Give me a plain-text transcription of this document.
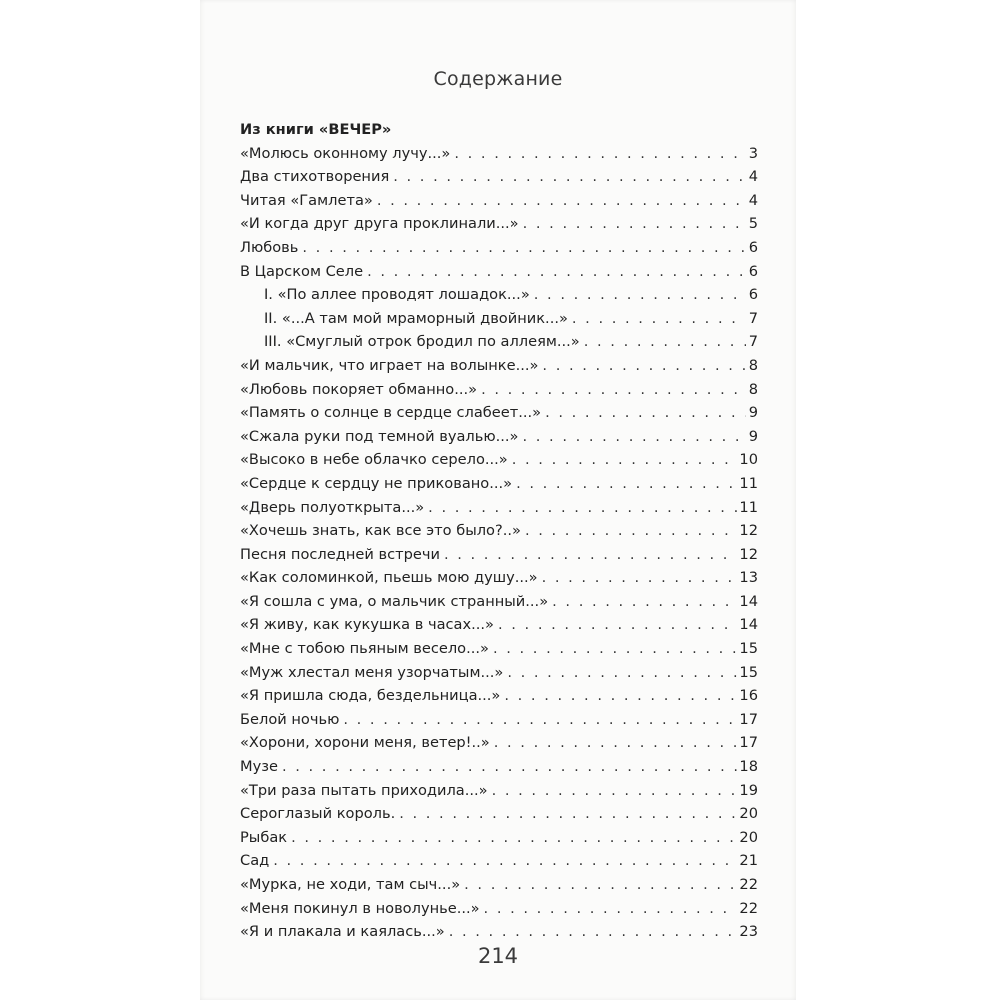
Содержание
Из книги «ВЕЧЕР»
«Молюсь оконному лучу...» . . .	3
Два стихотворения . . .	4
Читая «Гамлета» . . .	4
«И когда друг друга проклинали...» . . .	5
Любовь . . .	6
В Царском Селе . . .	6
I. «По аллее проводят лошадок...» . . .	6
II. «...А там мой мраморный двойник...» . . .	7
III. «Смуглый отрок бродил по аллеям...» . . .	7
«И мальчик, что играет на волынке...» . . .	8
«Любовь покоряет обманно...» . . .	8
«Память о солнце в сердце слабеет...» . . .	9
«Сжала руки под темной вуалью...» . . .	9
«Высоко в небе облачко серело...» . . .	10
«Сердце к сердцу не приковано...» . . .	11
«Дверь полуоткрыта...» . . .	11
«Хочешь знать, как все это было?..» . . .	12
Песня последней встречи . . .	12
«Как соломинкой, пьешь мою душу...» . . .	13
«Я сошла с ума, о мальчик странный...» . . .	14
«Я живу, как кукушка в часах...» . . .	14
«Мне с тобою пьяным весело...» . . .	15
«Муж хлестал меня узорчатым...» . . .	15
«Я пришла сюда, бездельница...» . . .	16
Белой ночью . . .	17
«Хорони, хорони меня, ветер!..» . . .	17
Музе . . .	18
«Три раза пытать приходила...» . . .	19
Сероглазый король. . . .	20
Рыбак . . .	20
Сад . . .	21
«Мурка, не ходи, там сыч...» . . .	22
«Меня покинул в новолунье...» . . .	22
«Я и плакала и каялась...» . . .	23
214
